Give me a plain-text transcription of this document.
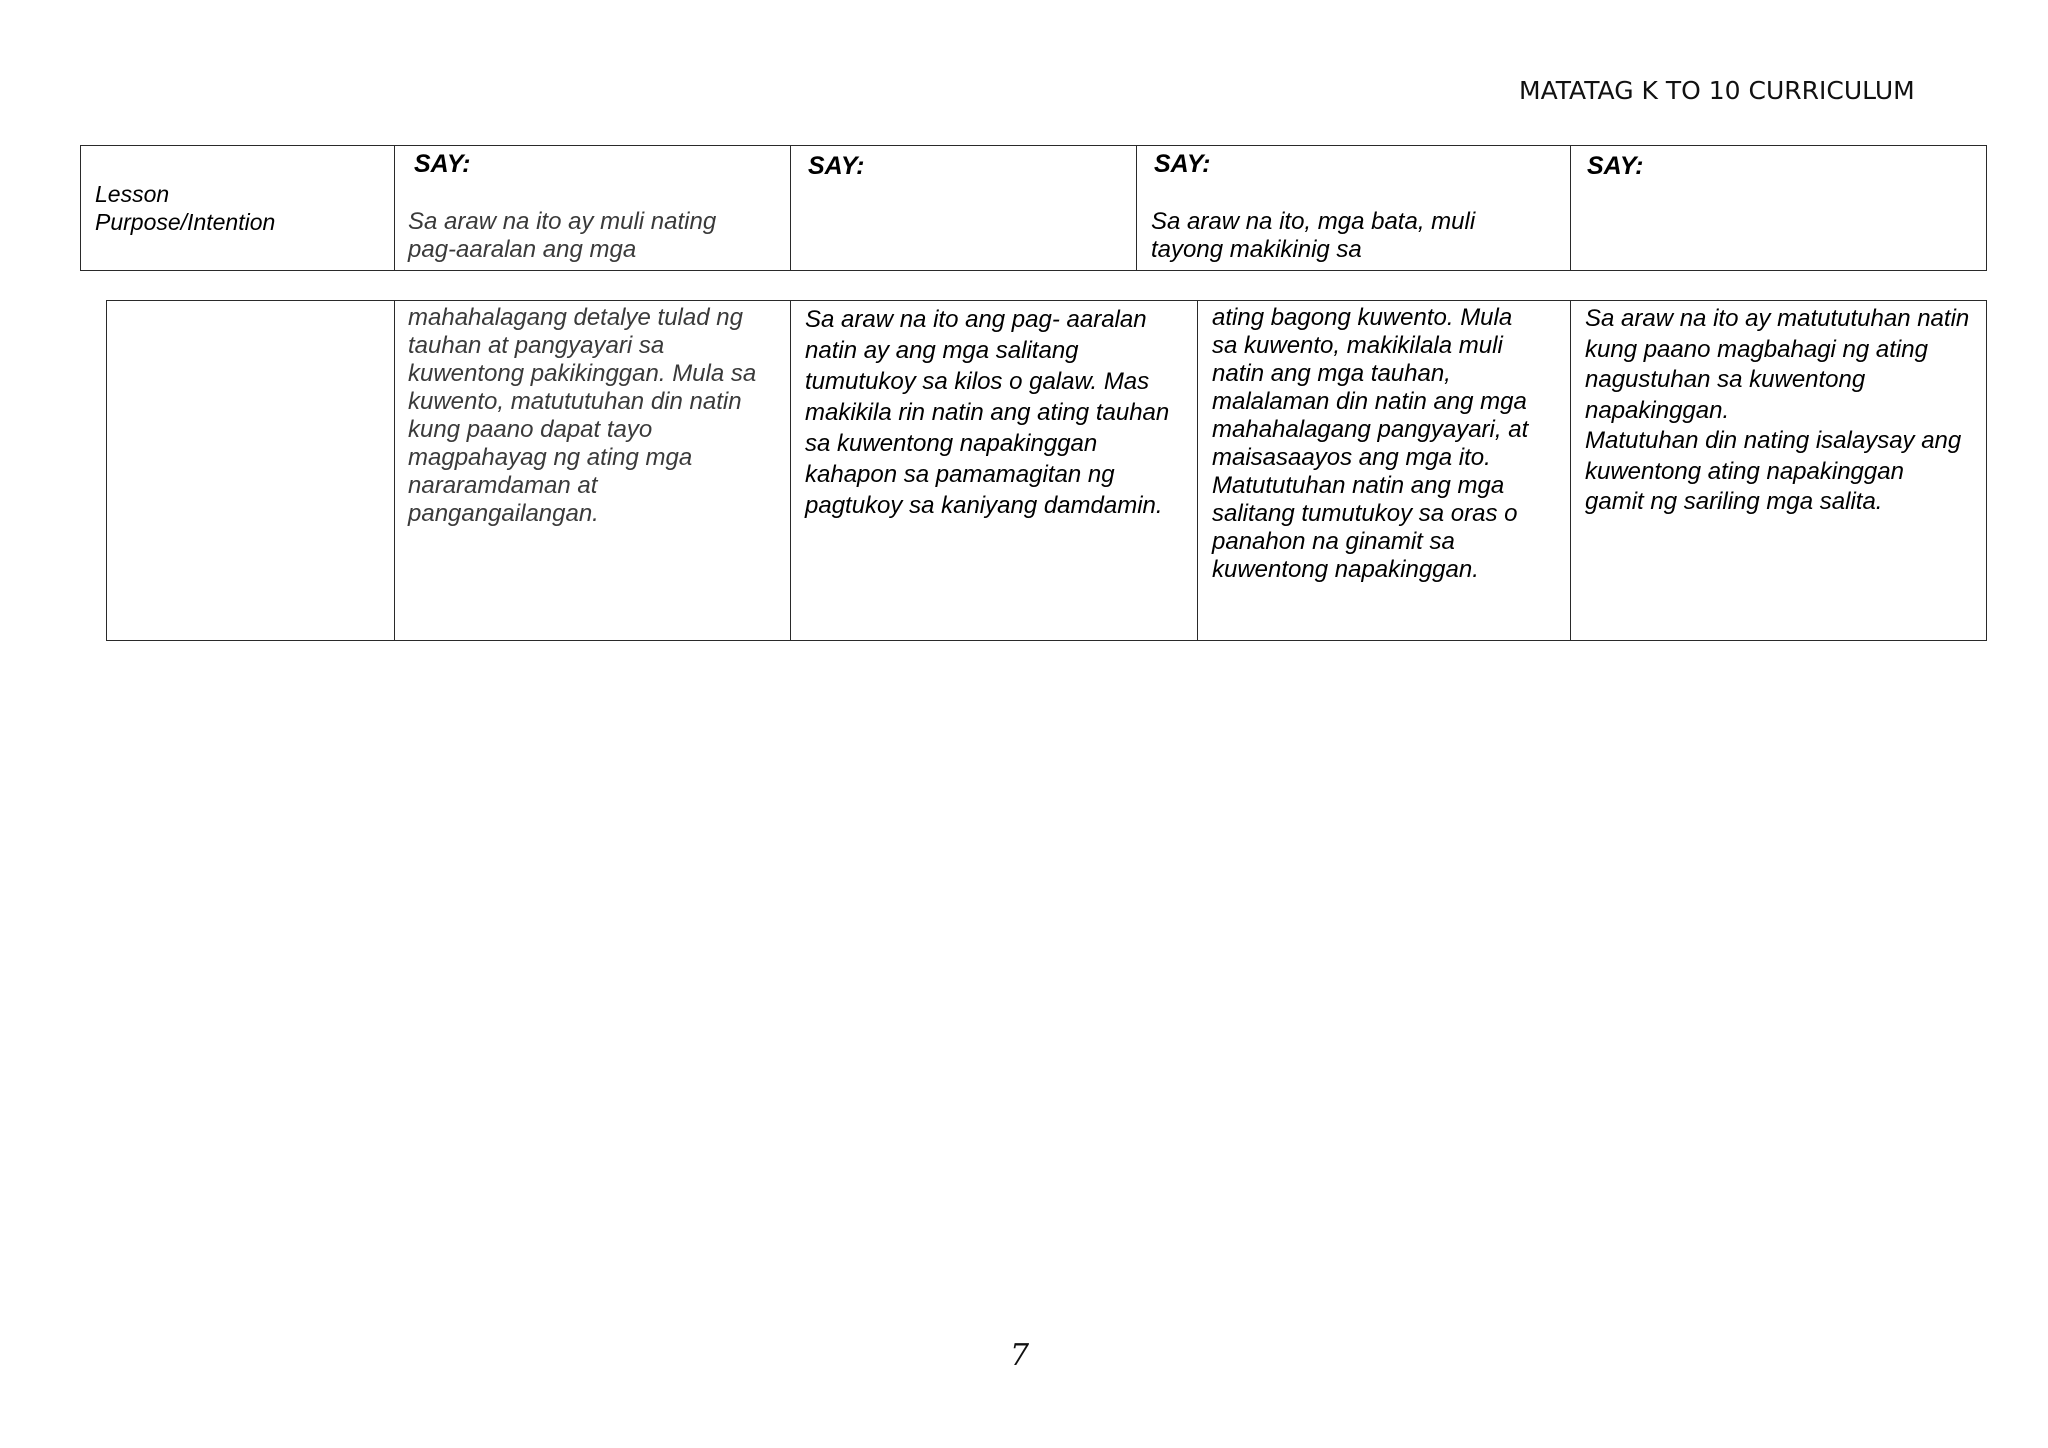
MATATAG K TO 10 CURRICULUM
Lesson
Purpose/Intention
SAY:
Sa araw na ito ay muli nating
pag-aaralan ang mga
SAY:	SAY:
Sa araw na ito, mga bata, muli
tayong makikinig sa
SAY:
mahahalagang detalye tulad ng
tauhan at pangyayari sa
kuwentong pakikinggan. Mula sa
kuwento, matututuhan din natin
kung paano dapat tayo
magpahayag ng ating mga
nararamdaman at
pangangailangan.
Sa araw na ito ang pag- aaralan
natin ay ang mga salitang
tumutukoy sa kilos o galaw. Mas
makikila rin natin ang ating tauhan
sa kuwentong napakinggan
kahapon sa pamamagitan ng
pagtukoy sa kaniyang damdamin.
ating bagong kuwento. Mula
sa kuwento, makikilala muli
natin ang mga tauhan,
malalaman din natin ang mga
mahahalagang pangyayari, at
maisasaayos ang mga ito.
Matututuhan natin ang mga
salitang tumutukoy sa oras o
panahon na ginamit sa
kuwentong napakinggan.
Sa araw na ito ay matututuhan natin
kung paano magbahagi ng ating
nagustuhan sa kuwentong
napakinggan.
Matutuhan din nating isalaysay ang
kuwentong ating napakinggan
gamit ng sariling mga salita.
7
